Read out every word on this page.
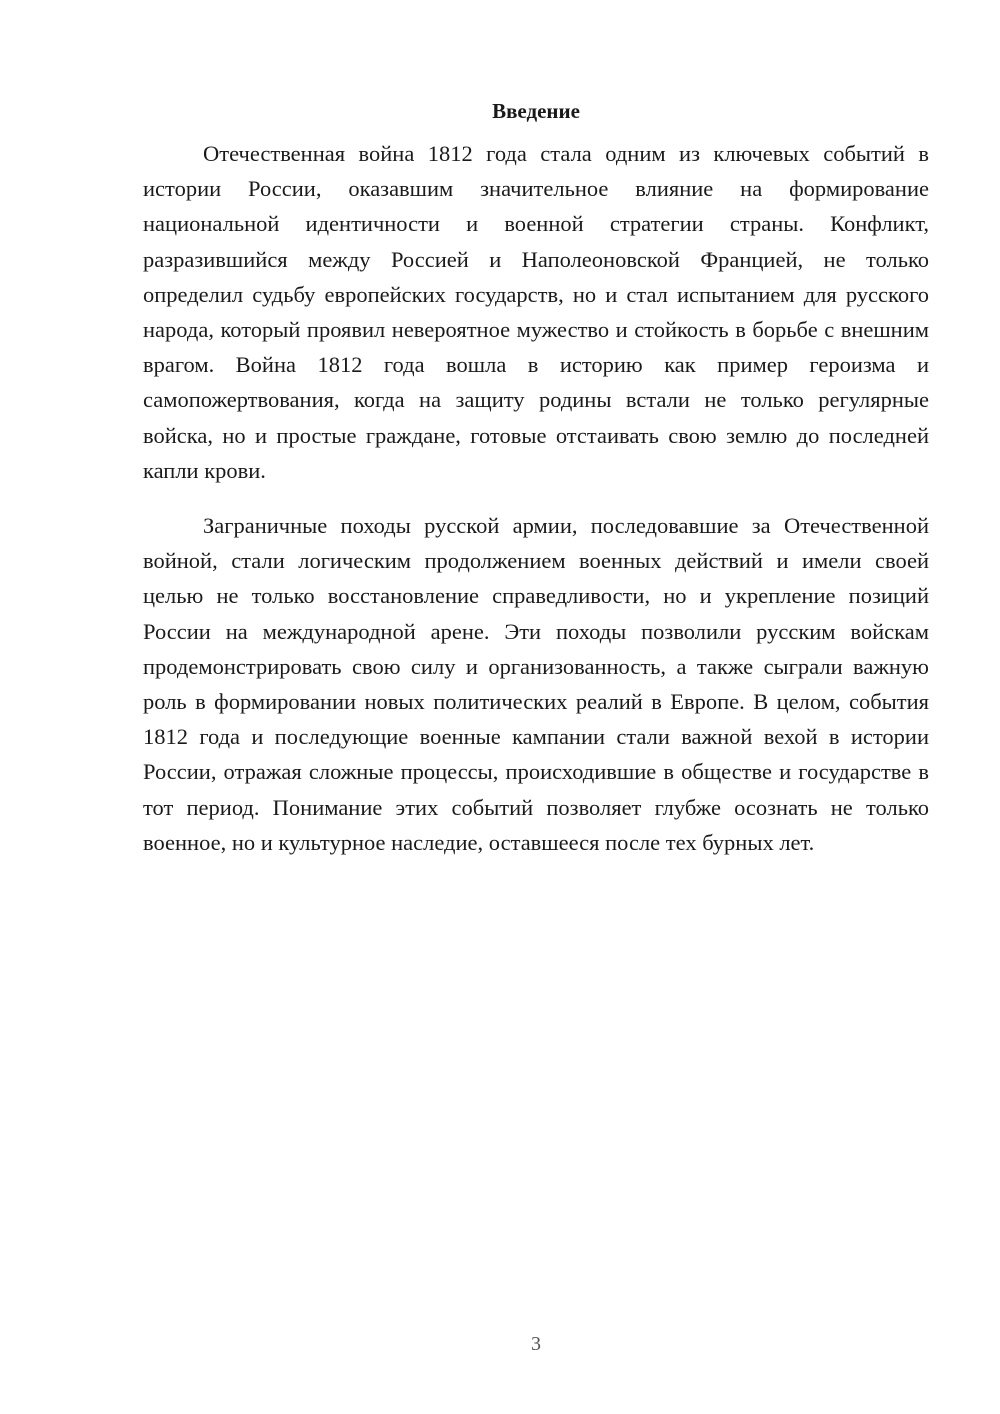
Введение

Отечественная война 1812 года стала одним из ключевых событий в истории России, оказавшим значительное влияние на формирование национальной идентичности и военной стратегии страны. Конфликт, разразившийся между Россией и Наполеоновской Францией, не только определил судьбу европейских государств, но и стал испытанием для русского народа, который проявил невероятное мужество и стойкость в борьбе с внешним врагом. Война 1812 года вошла в историю как пример героизма и самопожертвования, когда на защиту родины встали не только регулярные войска, но и простые граждане, готовые отстаивать свою землю до последней капли крови.

Заграничные походы русской армии, последовавшие за Отечественной войной, стали логическим продолжением военных действий и имели своей целью не только восстановление справедливости, но и укрепление позиций России на международной арене. Эти походы позволили русским войскам продемонстрировать свою силу и организованность, а также сыграли важную роль в формировании новых политических реалий в Европе. В целом, события 1812 года и последующие военные кампании стали важной вехой в истории России, отражая сложные процессы, происходившие в обществе и государстве в тот период. Понимание этих событий позволяет глубже осознать не только военное, но и культурное наследие, оставшееся после тех бурных лет.

3
